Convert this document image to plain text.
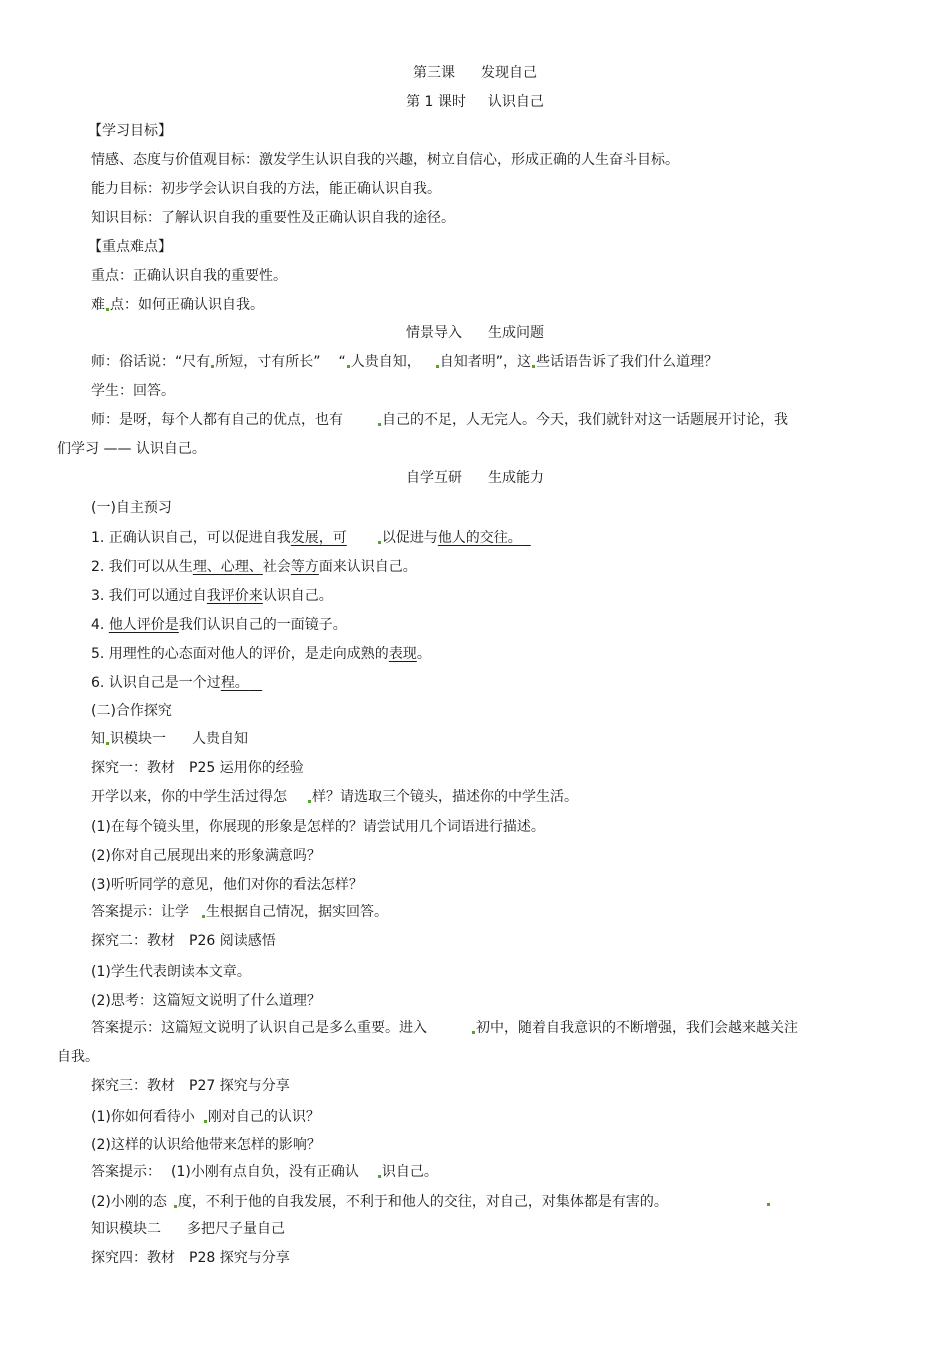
第三课 发现自己
第 1 课时 认识自己
【学习目标】
情感、态度与价值观目标：激发学生认识自我的兴趣，树立自信心，形成正确的人生奋斗目标。
能力目标：初步学会认识自我的方法，能正确认识自我。
知识目标：了解认识自我的重要性及正确认识自我的途径。
【重点难点】
重点：正确认识自我的重要性。
难 点：如何正确认识自我。
情景导入 生成问题
师：俗话说：“尺有 所短，寸有所长” “ 人贵自知， 自知者明”，这 些话语告诉了我们什么道理？
学生：回答。
师：是呀，每个人都有自己的优点，也有	自己的不足，人无完人。今天，我们就针对这一话题展开讨论，我
们学习 —— 认识自己。
自学互研 生成能力
(一)自主预习
1. 正确认识自己，可以促进自我发展，可	以促进与他人的交往。
2. 我们可以从生理、心理、社会等方面来认识自己。
3. 我们可以通过自我评价来认识自己。
4. 他人评价是我们认识自己的一面镜子。
5. 用理性的心态面对他人的评价，是走向成熟的表现。
6. 认识自己是一个过程。
(二)合作探究
知 识模块一 人贵自知
探究一：教材　P25 运用你的经验
开学以来，你的中学生活过得怎 样？请选取三个镜头，描述你的中学生活。
(1)在每个镜头里，你展现的形象是怎样的？请尝试用几个词语进行描述。
(2)你对自己展现出来的形象满意吗？
(3)听听同学的意见，他们对你的看法怎样？
答案提示：让学 生根据自己情况，据实回答。
探究二：教材　P26 阅读感悟
(1)学生代表朗读本文章。
(2)思考：这篇短文说明了什么道理？
答案提示：这篇短文说明了认识自己是多么重要。进入	初中，随着自我意识的不断增强，我们会越来越关注
自我。
探究三：教材　P27 探究与分享
(1)你如何看待小 刚对自己的认识？
(2)这样的认识给他带来怎样的影响？
答案提示： (1)小刚有点自负，没有正确认 识自己。
(2)小刚的态 度，不利于他的自我发展，不利于和他人的交往，对自己，对集体都是有害的。
知识模块二 多把尺子量自己
探究四：教材　P28 探究与分享
